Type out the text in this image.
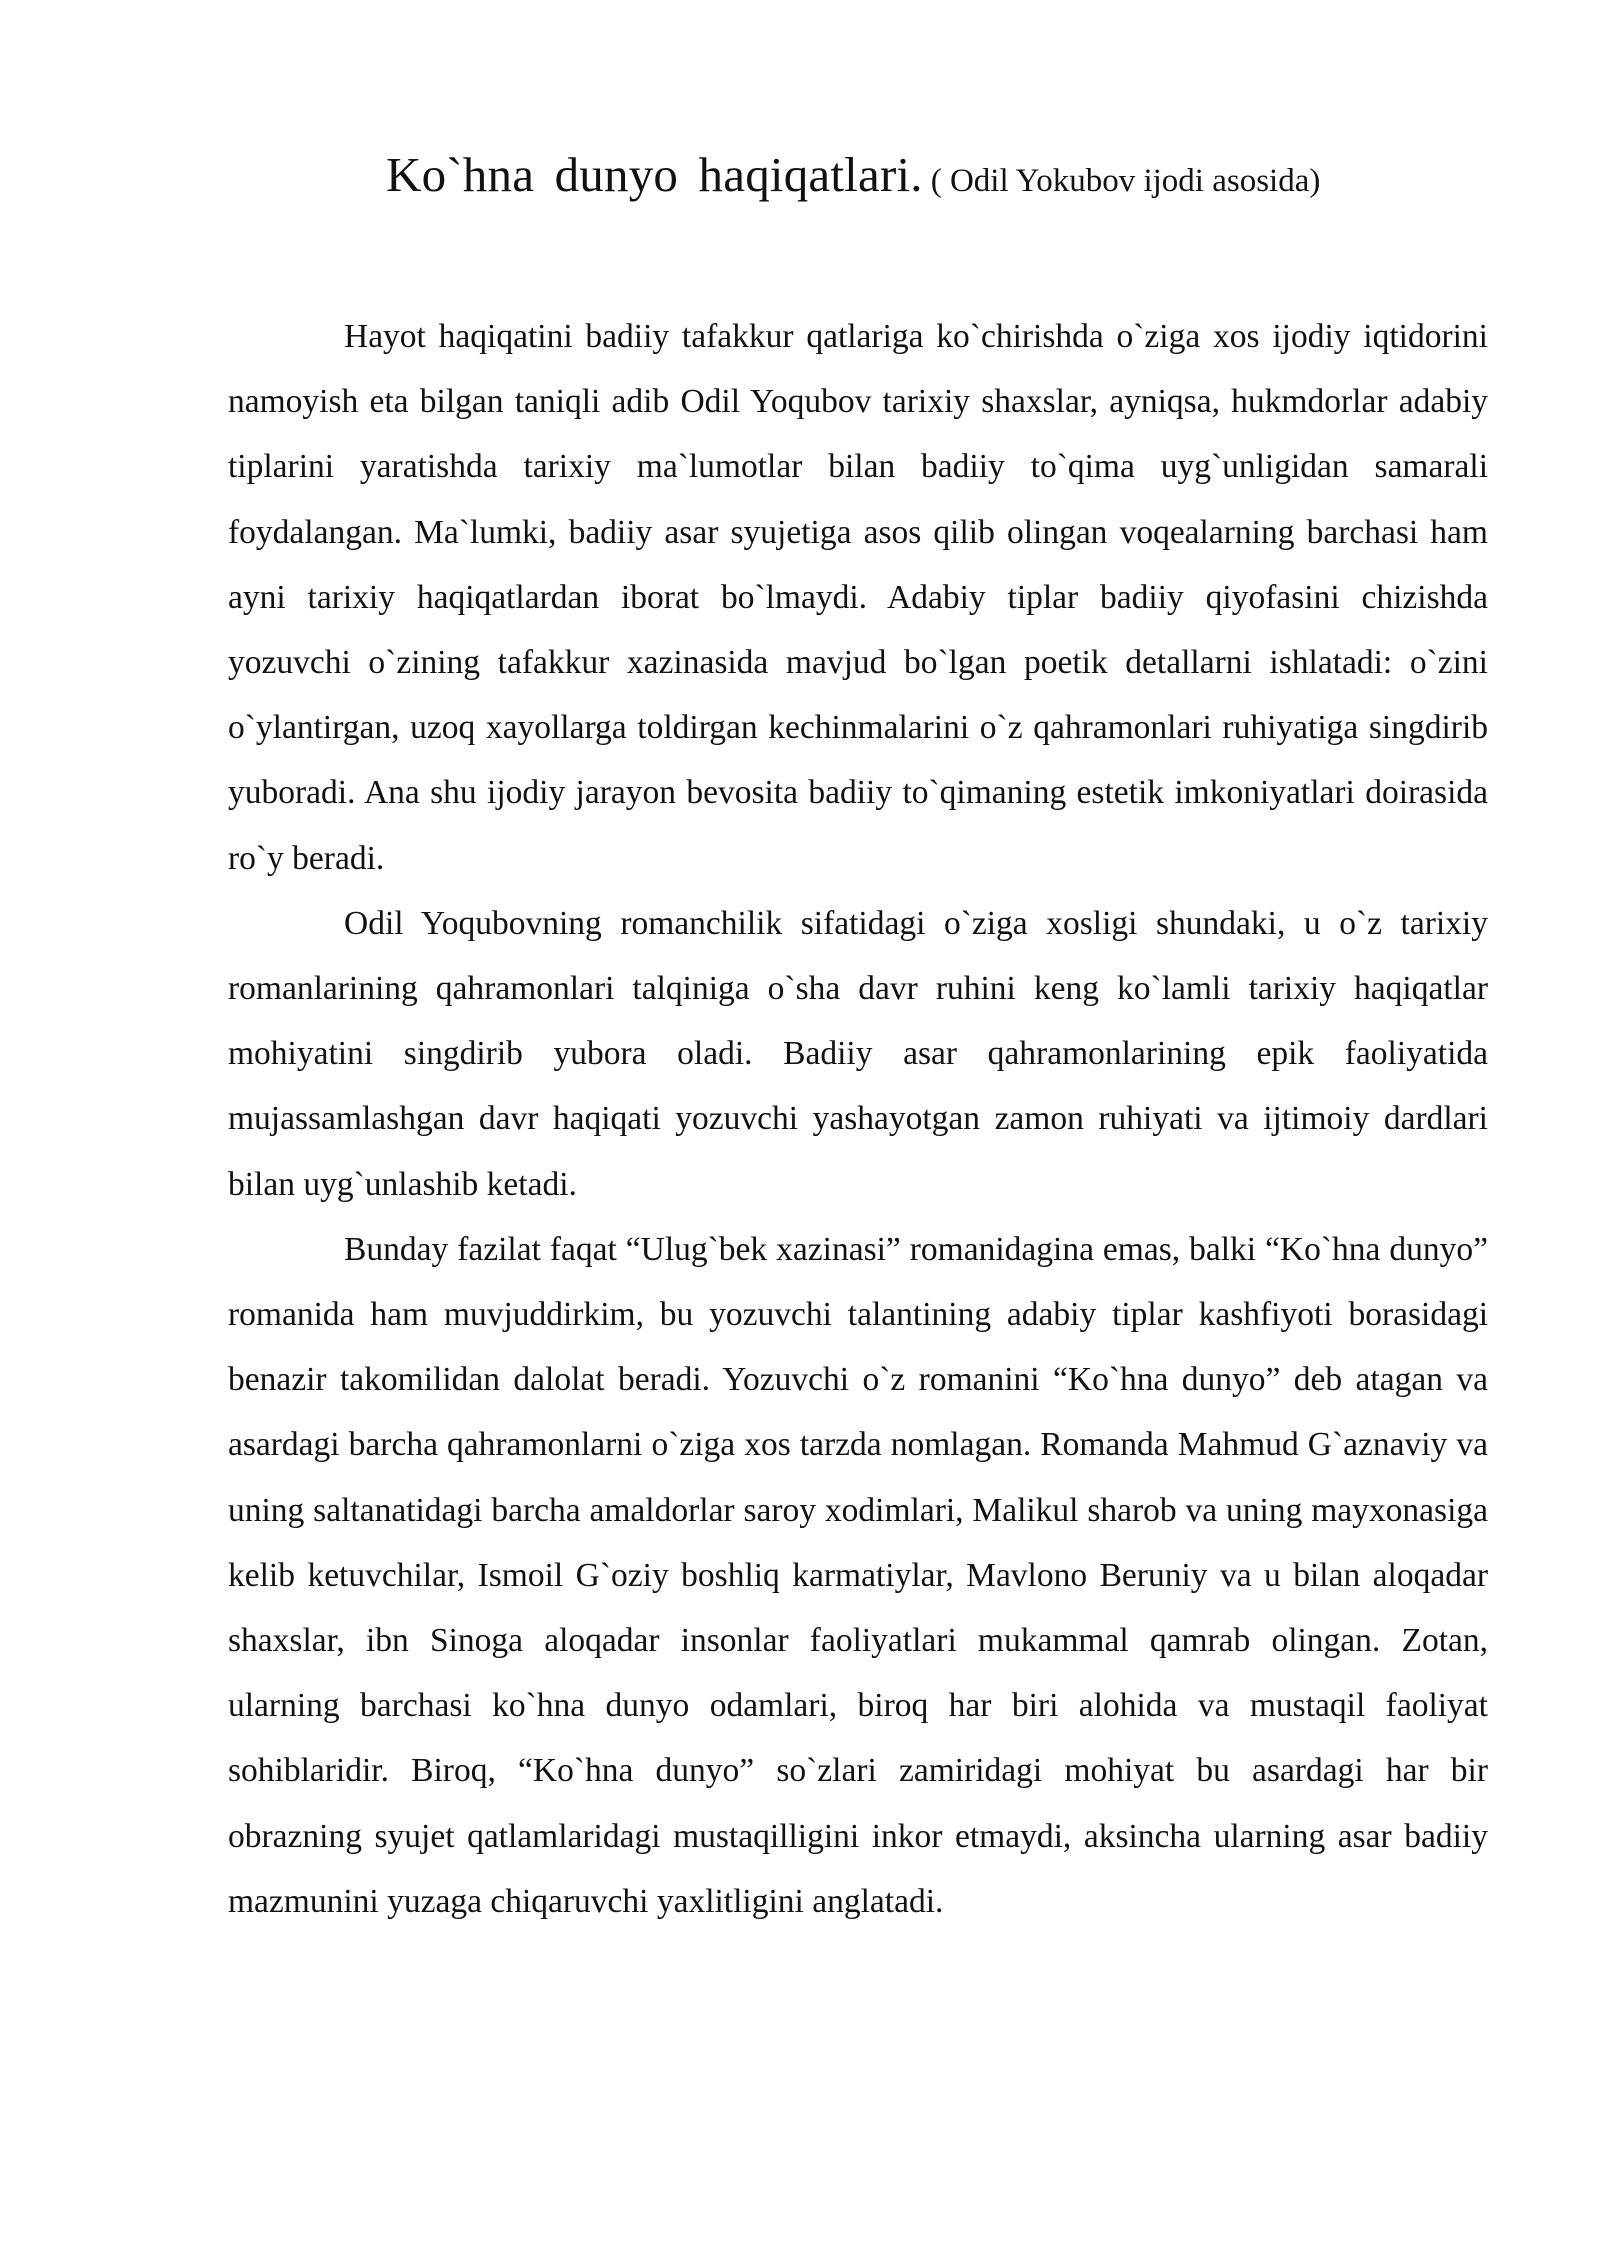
Ko`hna dunyo haqiqatlari. ( Odil Yokubov ijodi asosida)

Hayot haqiqatini badiiy tafakkur qatlariga ko`chirishda o`ziga xos ijodiy iqtidorini namoyish eta bilgan taniqli adib Odil Yoqubov tarixiy shaxslar, ayniqsa, hukmdorlar adabiy tiplarini yaratishda tarixiy ma`lumotlar bilan badiiy to`qima uyg`unligidan samarali foydalangan. Ma`lumki, badiiy asar syujetiga asos qilib olingan voqealarning barchasi ham ayni tarixiy haqiqatlardan iborat bo`lmaydi. Adabiy tiplar badiiy qiyofasini chizishda yozuvchi o`zining tafakkur xazinasida mavjud bo`lgan poetik detallarni ishlatadi: o`zini o`ylantirgan, uzoq xayollarga toldirgan kechinmalarini o`z qahramonlari ruhiyatiga singdirib yuboradi. Ana shu ijodiy jarayon bevosita badiiy to`qimaning estetik imkoniyatlari doirasida ro`y beradi.

Odil Yoqubovning romanchilik sifatidagi o`ziga xosligi shundaki, u o`z tarixiy romanlarining qahramonlari talqiniga o`sha davr ruhini keng ko`lamli tarixiy haqiqatlar mohiyatini singdirib yubora oladi. Badiiy asar qahramonlarining epik faoliyatida mujassamlashgan davr haqiqati yozuvchi yashayotgan zamon ruhiyati va ijtimoiy dardlari bilan uyg`unlashib ketadi.

Bunday fazilat faqat “Ulug`bek xazinasi” romanidagina emas, balki “Ko`hna dunyo” romanida ham muvjuddirkim, bu yozuvchi talantining adabiy tiplar kashfiyoti borasidagi benazir takomilidan dalolat beradi. Yozuvchi o`z romanini “Ko`hna dunyo” deb atagan va asardagi barcha qahramonlarni o`ziga xos tarzda nomlagan. Romanda Mahmud G`aznaviy va uning saltanatidagi barcha amaldorlar saroy xodimlari, Malikul sharob va uning mayxonasiga kelib ketuvchilar, Ismoil G`oziy boshliq karmatiylar, Mavlono Beruniy va u bilan aloqadar shaxslar, ibn Sinoga aloqadar insonlar faoliyatlari mukammal qamrab olingan. Zotan, ularning barchasi ko`hna dunyo odamlari, biroq har biri alohida va mustaqil faoliyat sohiblaridir. Biroq, “Ko`hna dunyo” so`zlari zamiridagi mohiyat bu asardagi har bir obrazning syujet qatlamlaridagi mustaqilligini inkor etmaydi, aksincha ularning asar badiiy mazmunini yuzaga chiqaruvchi yaxlitligini anglatadi.
